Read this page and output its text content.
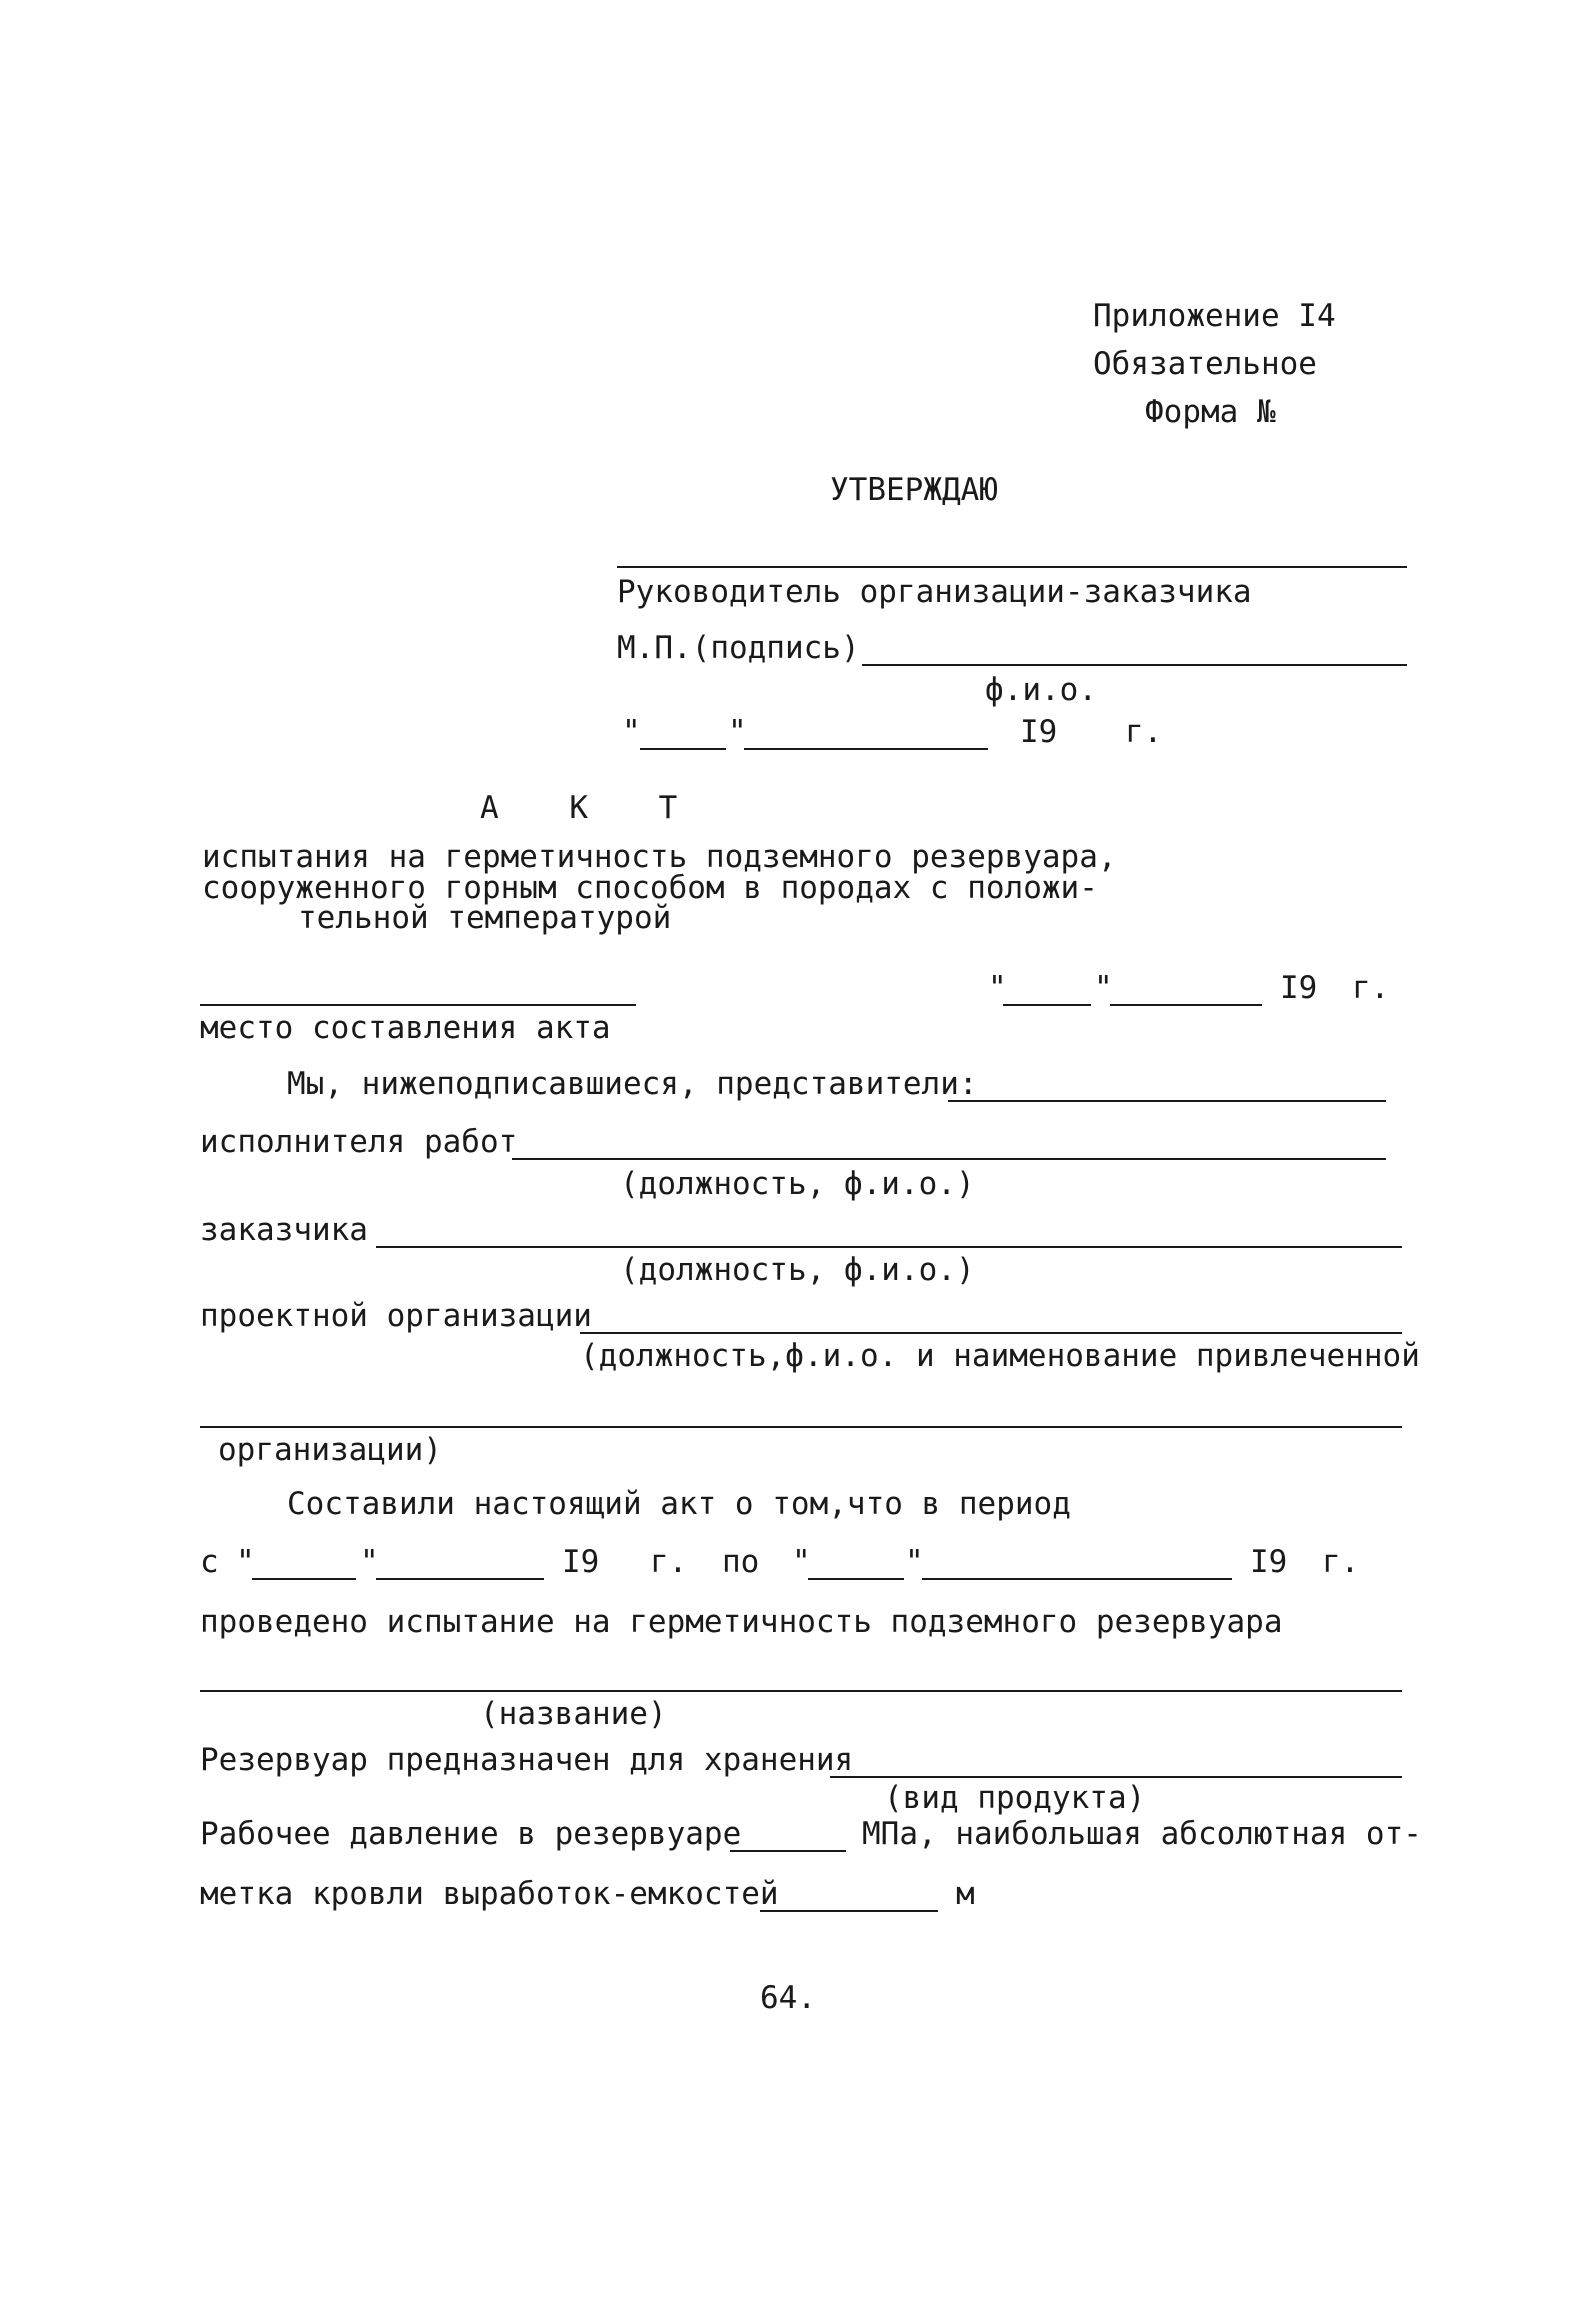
Приложение I4
Обязательное
Форма №
УТВЕРЖДАЮ
Руководитель организации-заказчика
М.П.(подпись)
ф.и.о.
"	"	I9 г.
А К Т
испытания на герметичность подземного резервуара,
сооруженного горным способом в породах с положи-
тельной температурой
место составления акта
"	"	I9 г.
Мы, нижеподписавшиеся, представители:
исполнителя работ
(должность, ф.и.о.)
заказчика
(должность, ф.и.о.)
проектной организации
(должность,ф.и.о. и наименование привлеченной
организации)
Составили настоящий акт о том,что в период
с "	"	I9 г. по "	"	I9 г.
проведено испытание на герметичность подземного резервуара
(название)
Резервуар предназначен для хранения
(вид продукта)
Рабочее давление в резервуаре	МПа, наибольшая абсолютная от-
метка кровли выработок-емкостей	м
64.
